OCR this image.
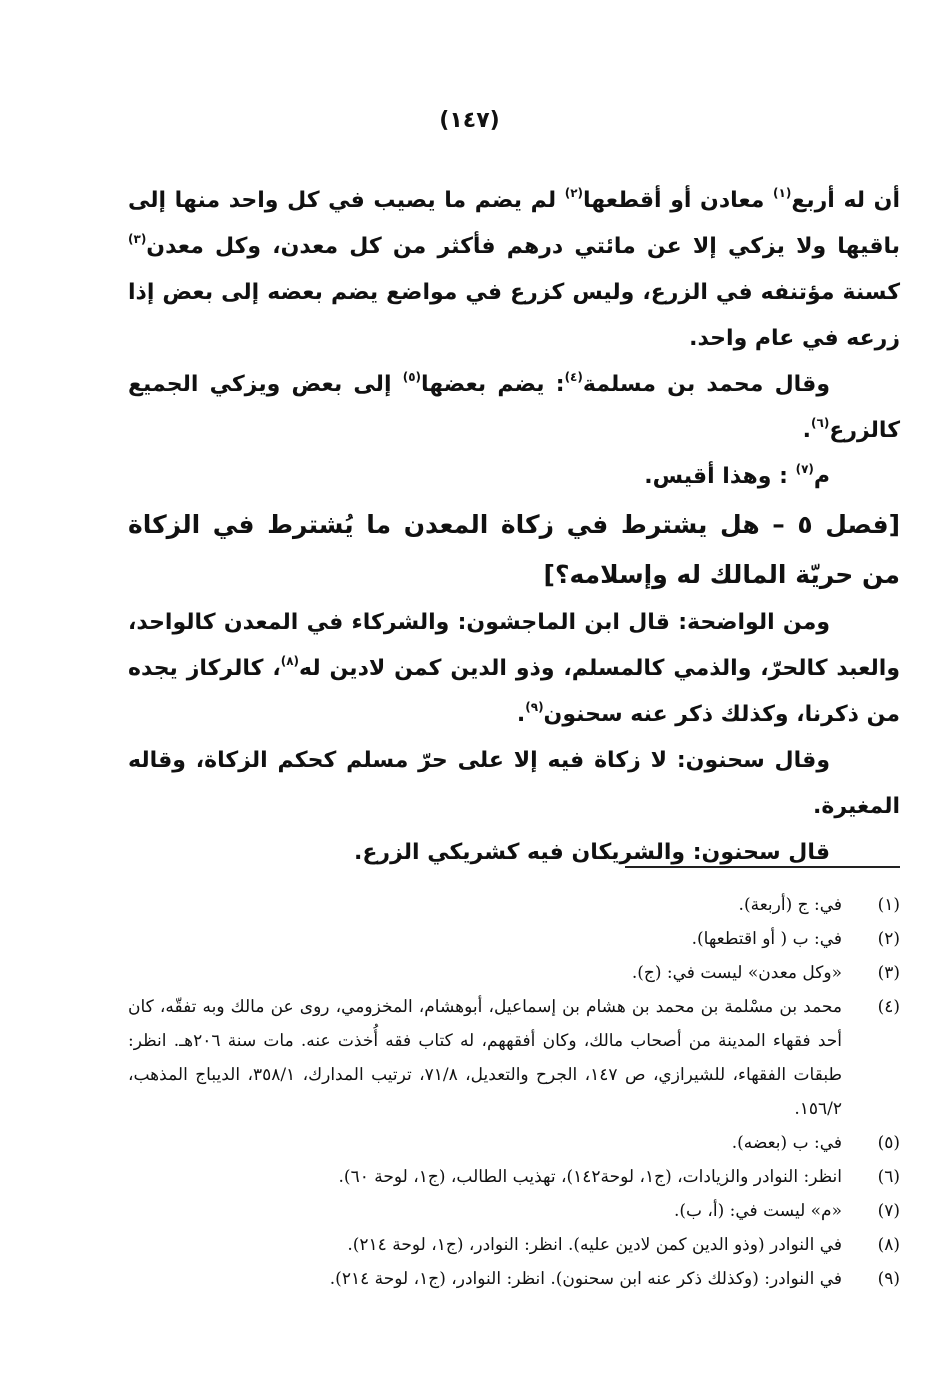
(١٤٧)

أن له أربع$^{(١)}$ معادن أو أقطعها$^{(٢)}$ لم يضم ما يصيب في كل واحد منها إلى باقيها ولا يزكي إلا عن مائتي درهم فأكثر من كل معدن، وكل معدن$^{(٣)}$ كسنة مؤتنفه في الزرع، وليس كزرع في مواضع يضم بعضه إلى بعض إذا زرعه في عام واحد.

وقال محمد بن مسلمة$^{(٤)}$: يضم بعضها$^{(٥)}$ إلى بعض ويزكي الجميع كالزرع$^{(٦)}$.

م$^{(٧)}$ : وهذا أقيس.

[فصل ٥ – هل يشترط في زكاة المعدن ما يُشترط في الزكاة من حريّة المالك له وإسلامه؟]

ومن الواضحة: قال ابن الماجشون: والشركاء في المعدن كالواحد، والعبد كالحرّ، والذمي كالمسلم، وذو الدين كمن لادين له$^{(٨)}$، كالركاز يجده من ذكرنا، وكذلك ذكر عنه سحنون$^{(٩)}$.

وقال سحنون: لا زكاة فيه إلا على حرّ مسلم كحكم الزكاة، وقاله المغيرة.

قال سحنون: والشريكان فيه كشريكي الزرع.

(١)
في: ج (أربعة).
(٢)
في: ب ( أو اقتطعها).
(٣)
«وكل معدن» ليست في: (ج).
(٤)
محمد بن مسْلمة بن محمد بن هشام بن إسماعيل، أبوهشام، المخزومي، روى عن مالك وبه تفقّه، كان أحد فقهاء المدينة من أصحاب مالك، وكان أفقههم، له كتاب فقه أُخذت عنه. مات سنة ٢٠٦هـ. انظر: طبقات الفقهاء، للشيرازي، ص ١٤٧، الجرح والتعديل، ٧١/٨، ترتيب المدارك، ٣٥٨/١، الديباج المذهب، ١٥٦/٢.
(٥)
في: ب (بعضه).
(٦)
انظر: النوادر والزيادات، (ج١، لوحة١٤٢)، تهذيب الطالب، (ج١، لوحة ٦٠).
(٧)
«م» ليست في: (أ، ب).
(٨)
في النوادر (وذو الدين كمن لادين عليه). انظر: النوادر، (ج١، لوحة ٢١٤).
(٩)
في النوادر: (وكذلك ذكر عنه ابن سحنون). انظر: النوادر، (ج١، لوحة ٢١٤).
